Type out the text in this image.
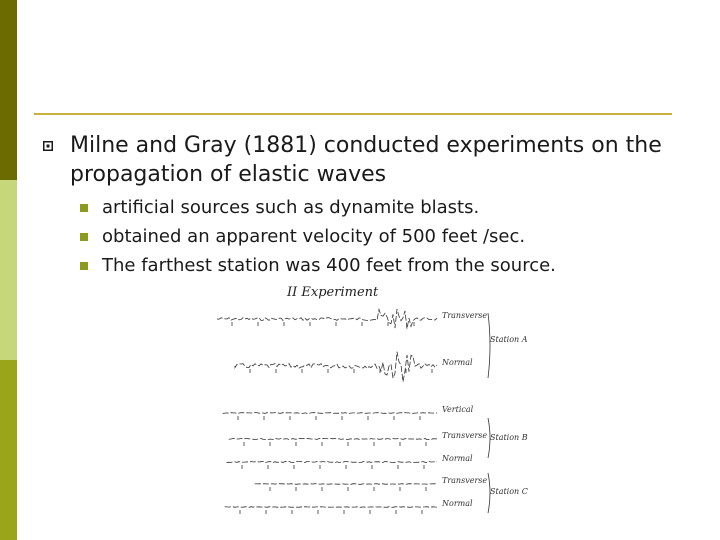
Milne and Gray (1881) conducted experiments on the propagation of elastic waves
artificial sources such as dynamite blasts.
obtained an apparent velocity of 500 feet /sec.
The farthest station was 400 feet from the source.
II Experiment
Transverse
Normal
Vertical
Transverse
Normal
Transverse
Normal
Station A
Station B
Station C
